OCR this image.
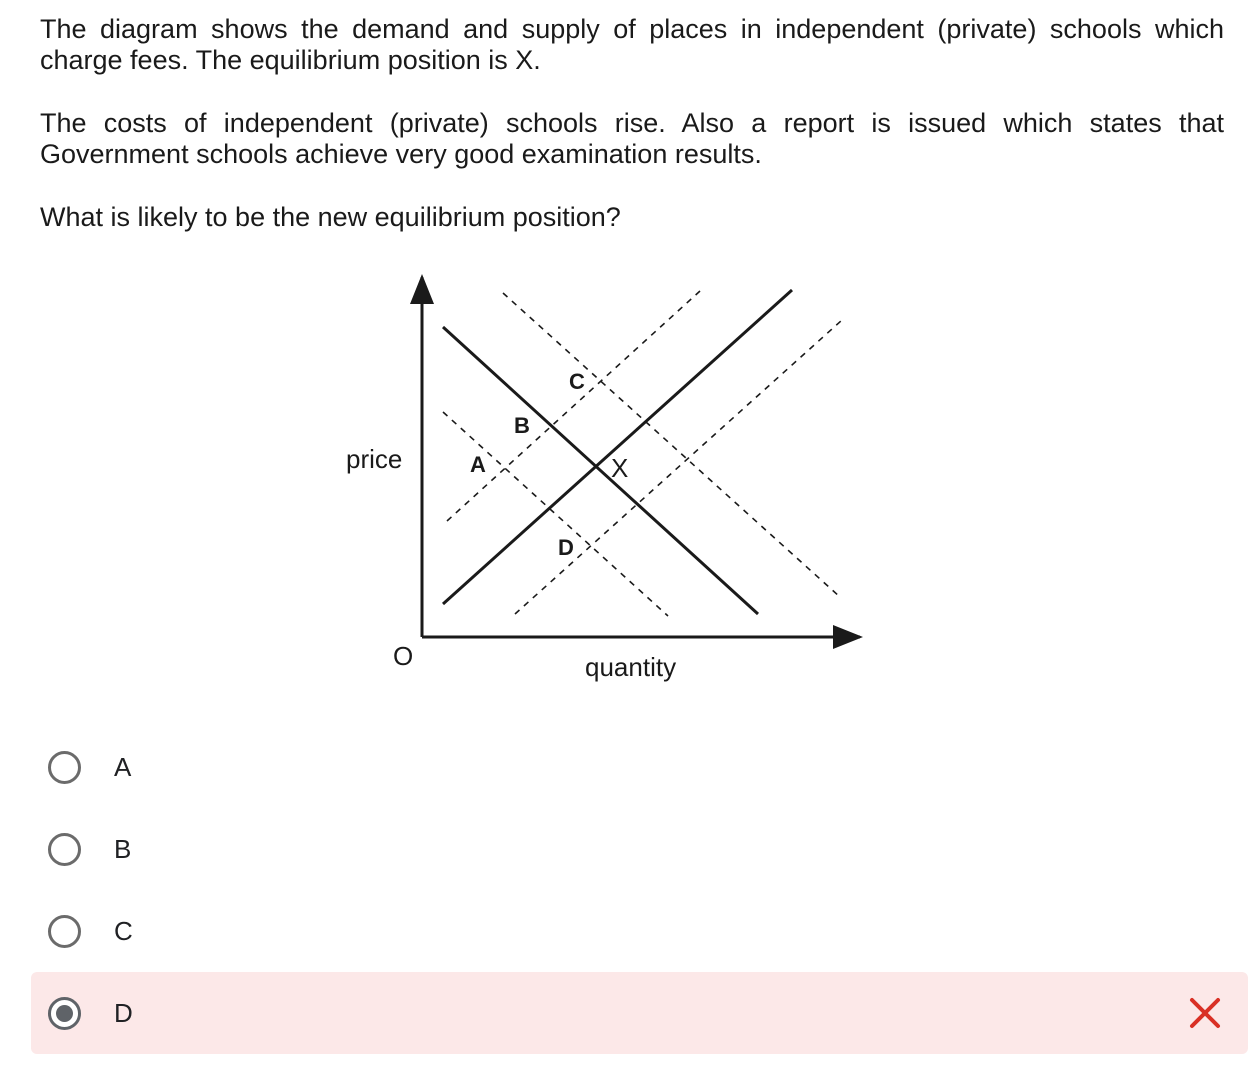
The diagram shows the demand and supply of places in independent (private) schools which charge fees. The equilibrium position is X.

The costs of independent (private) schools rise. Also a report is issued which states that Government schools achieve very good examination results.

What is likely to be the new equilibrium position?

price
quantity
O
X
A
B
C
D
A
B
C
D
